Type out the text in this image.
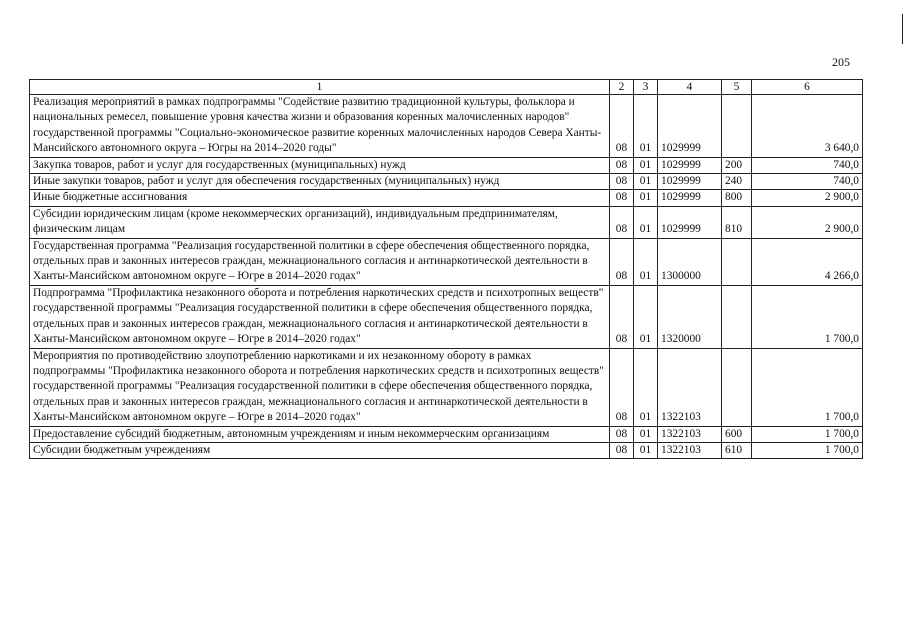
205
1	2	3	4	5	6
Реализация мероприятий в рамках подпрограммы "Содействие развитию традиционной культуры, фольклора и национальных ремесел, повышение уровня качества жизни и образования коренных малочисленных народов" государственной программы "Социально-экономическое развитие коренных малочисленных народов Севера Ханты-Мансийского автономного округа – Югры на 2014–2020 годы"	08	01	1029999		3 640,0
Закупка товаров, работ и услуг для государственных (муниципальных) нужд	08	01	1029999	200	740,0
Иные закупки товаров, работ и услуг для обеспечения государственных (муниципальных) нужд	08	01	1029999	240	740,0
Иные бюджетные ассигнования	08	01	1029999	800	2 900,0
Субсидии юридическим лицам (кроме некоммерческих организаций), индивидуальным предпринимателям, физическим лицам	08	01	1029999	810	2 900,0
Государственная программа "Реализация государственной политики в сфере обеспечения общественного порядка, отдельных прав и законных интересов граждан, межнационального согласия и антинаркотической деятельности в Ханты-Мансийском автономном округе – Югре в 2014–2020 годах"	08	01	1300000		4 266,0
Подпрограмма "Профилактика незаконного оборота и потребления наркотических средств и психотропных веществ" государственной программы "Реализация государственной политики в сфере обеспечения общественного порядка, отдельных прав и законных интересов граждан, межнационального согласия и антинаркотической деятельности в Ханты-Мансийском автономном округе – Югре в 2014–2020 годах"	08	01	1320000		1 700,0
Мероприятия по противодействию злоупотреблению наркотиками и их незаконному обороту в рамках подпрограммы "Профилактика незаконного оборота и потребления наркотических средств и психотропных веществ" государственной программы "Реализация государственной политики в сфере обеспечения общественного порядка, отдельных прав и законных интересов граждан, межнационального согласия и антинаркотической деятельности в Ханты-Мансийском автономном округе – Югре в 2014–2020 годах"	08	01	1322103		1 700,0
Предоставление субсидий бюджетным, автономным учреждениям и иным некоммерческим организациям	08	01	1322103	600	1 700,0
Субсидии бюджетным учреждениям	08	01	1322103	610	1 700,0
